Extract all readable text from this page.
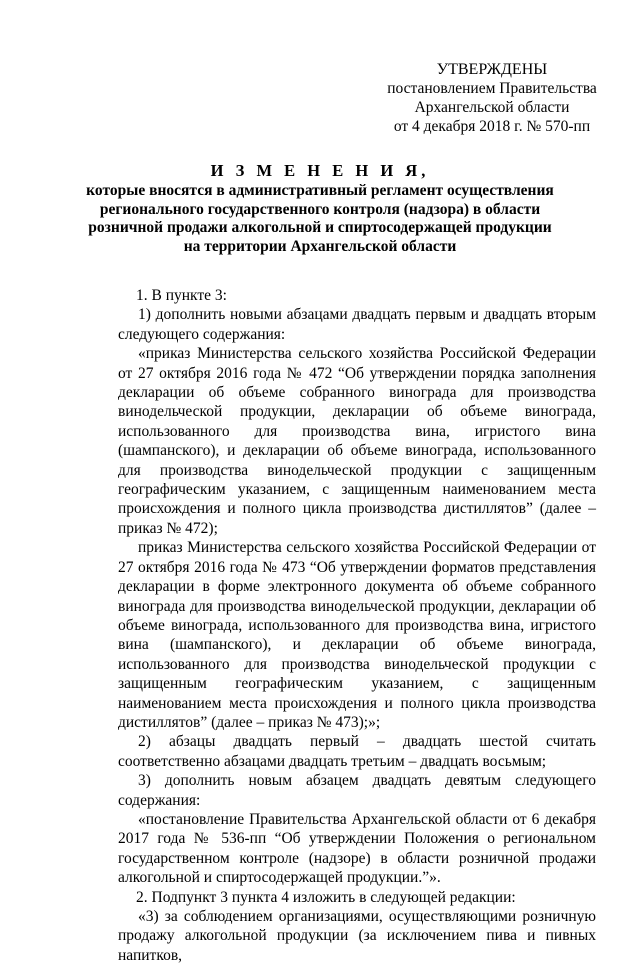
УТВЕРЖДЕНЫ
постановлением Правительства
Архангельской области
от 4 декабря 2018 г. № 570-пп
И З М Е Н Е Н И Я,
которые вносятся в административный регламент осуществления
регионального государственного контроля (надзора) в области
розничной продажи алкогольной и спиртосодержащей продукции
на территории Архангельской области

1. В пункте 3:

1) дополнить новыми абзацами двадцать первым и двадцать вторым следующего содержания:

«приказ Министерства сельского хозяйства Российской Федерации от 27 октября 2016 года № 472 “Об утверждении порядка заполнения декларации об объеме собранного винограда для производства винодельческой продукции, декларации об объеме винограда, использованного для производства вина, игристого вина (шампанского), и декларации об объеме винограда, использованного для производства винодельческой продукции с защищенным географическим указанием, с защищенным наименованием места происхождения и полного цикла производства дистиллятов” (далее – приказ № 472);

приказ Министерства сельского хозяйства Российской Федерации от 27 октября 2016 года № 473 “Об утверждении форматов представления декларации в форме электронного документа об объеме собранного винограда для производства винодельческой продукции, декларации об объеме винограда, использованного для производства вина, игристого вина (шампанского), и декларации об объеме винограда, использованного для производства винодельческой продукции с защищенным географическим указанием, с защищенным наименованием места происхождения и полного цикла производства дистиллятов” (далее – приказ № 473);»;

2) абзацы двадцать первый – двадцать шестой считать соответственно абзацами двадцать третьим – двадцать восьмым;

3) дополнить новым абзацем двадцать девятым следующего содержания:

«постановление Правительства Архангельской области от 6 декабря 2017 года № 536-пп “Об утверждении Положения о региональном государственном контроле (надзоре) в области розничной продажи алкогольной и спиртосодержащей продукции.”».

2. Подпункт 3 пункта 4 изложить в следующей редакции:

«3) за соблюдением организациями, осуществляющими розничную продажу алкогольной продукции (за исключением пива и пивных напитков,
